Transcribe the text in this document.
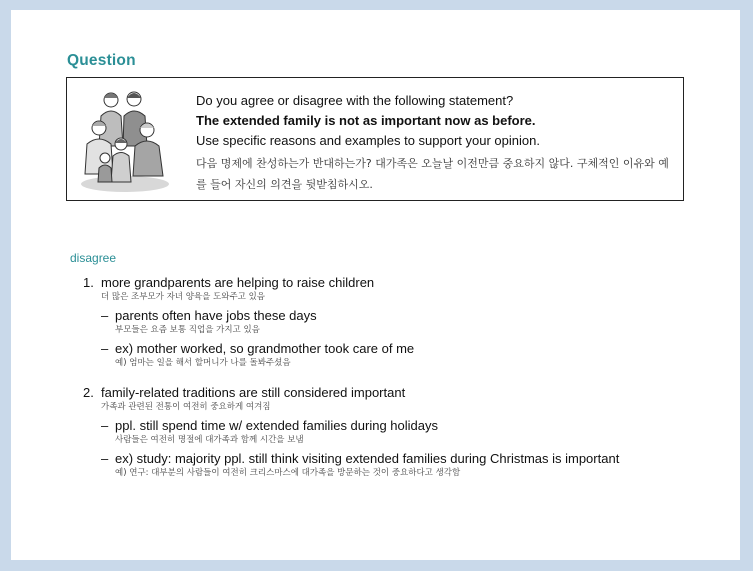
Question
Do you agree or disagree with the following statement?
The extended family is not as important now as before.
Use specific reasons and examples to support your opinion.
다음 명제에 찬성하는가 반대하는가? 대가족은 오늘날 이전만큼 중요하지 않다. 구체적인 이유와 예를 들어 자신의 의견을 뒷받침하시오.
disagree
1. more grandparents are helping to raise children
더 많은 조부모가 자녀 양육을 도와주고 있음
– parents often have jobs these days
부모들은 요즘 보통 직업을 가지고 있음
– ex) mother worked, so grandmother took care of me
예) 엄마는 일을 해서 할머니가 나를 돌봐주셨음
2. family-related traditions are still considered important
가족과 관련된 전통이 여전히 중요하게 여겨짐
– ppl. still spend time w/ extended families during holidays
사람들은 여전히 명절에 대가족과 함께 시간을 보냄
– ex) study: majority ppl. still think visiting extended families during Christmas is important
예) 연구: 대부분의 사람들이 여전히 크리스마스에 대가족을 방문하는 것이 중요하다고 생각함
